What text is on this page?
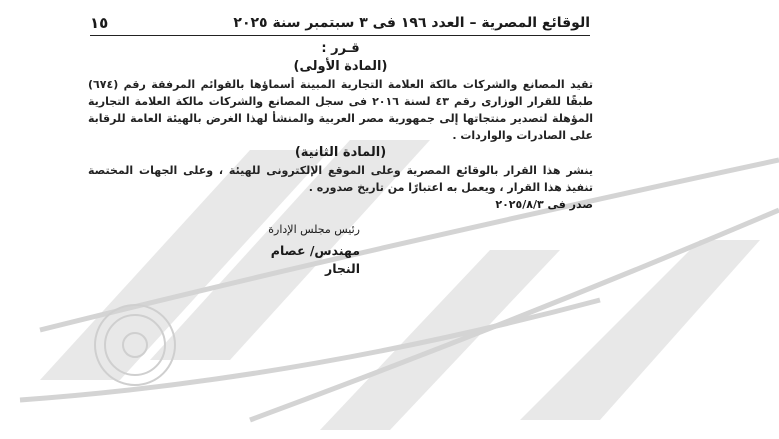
الوقائع المصرية – العدد ١٩٦ فى ٣ سبتمبر سنة ٢٠٢٥
١٥
قـرر :
(المادة الأولى)
تقيد المصانع والشركات مالكة العلامة التجارية المبينة أسماؤها بالقوائم المرفقة رقم (٦٧٤) طبقًا للقرار الوزارى رقم ٤٣ لسنة ٢٠١٦ فى سجل المصانع والشركات مالكة العلامة التجارية المؤهلة لتصدير منتجاتها إلى جمهورية مصر العربية والمنشأ لهذا الغرض بالهيئة العامة للرقابة على الصادرات والواردات .
(المادة الثانية)
ينشر هذا القرار بالوقائع المصرية وعلى الموقع الإلكترونى للهيئة ، وعلى الجهات المختصة تنفيذ هذا القرار ، ويعمل به اعتبارًا من تاريخ صدوره .
صدر فى ٢٠٢٥/٨/٣
رئيس مجلس الإدارة
مهندس/ عصام النجار
